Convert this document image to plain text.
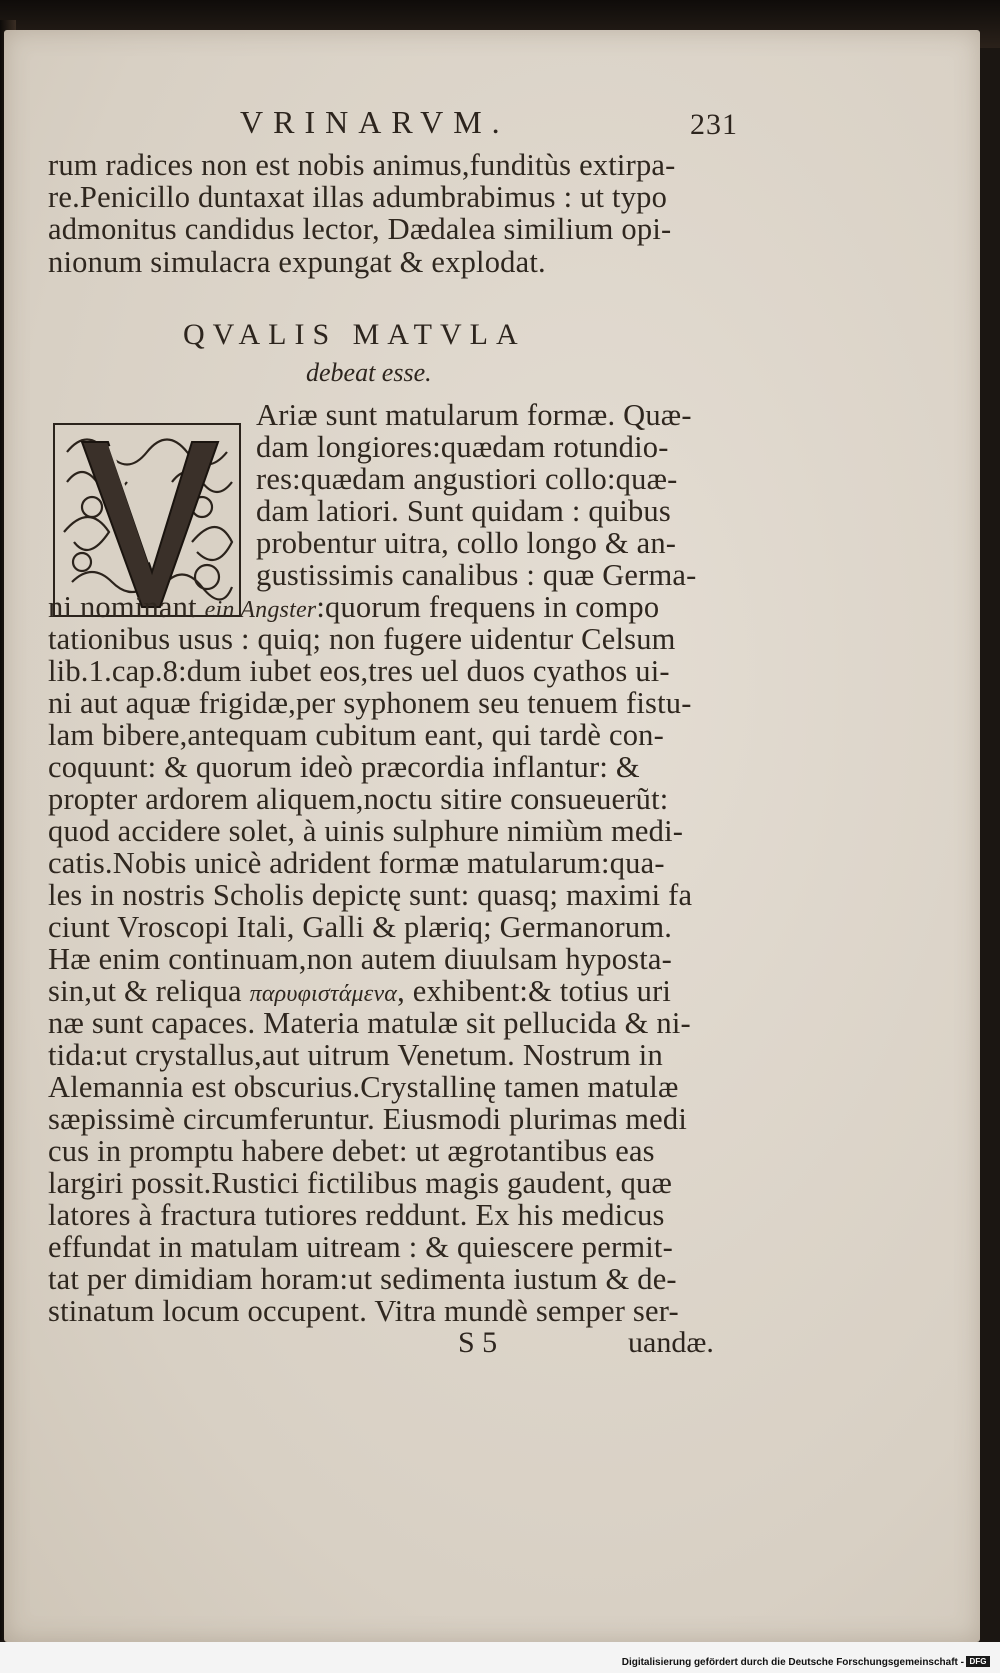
VRINARVM.	231
rum radices non est nobis animus,funditùs extirpa-
re.Penicillo duntaxat illas adumbrabimus : ut typo
admonitus candidus lector, Dædalea similium opi-
nionum simulacra expungat & explodat.
QVALIS MATVLA
debeat esse.
Ariæ sunt matularum formæ. Quæ-
dam longiores:quædam rotundio-
res:quædam angustiori collo:quæ-
dam latiori. Sunt quidam : quibus
probentur uitra, collo longo & an-
gustissimis canalibus : quæ Germa-
ni nominant ein Angster:quorum frequens in compo
tationibus usus : quiq; non fugere uidentur Celsum
lib.1.cap.8:dum iubet eos,tres uel duos cyathos ui-
ni aut aquæ frigidæ,per syphonem seu tenuem fistu-
lam bibere,antequam cubitum eant, qui tardè con-
coquunt: & quorum ideò præcordia inflantur: &
propter ardorem aliquem,noctu sitire consueuerũt:
quod accidere solet, à uinis sulphure nimiùm medi-
catis.Nobis unicè adrident formæ matularum:qua-
les in nostris Scholis depictę sunt: quasq; maximi fa
ciunt Vroscopi Itali, Galli & plæriq; Germanorum.
Hæ enim continuam,non autem diuulsam hyposta-
sin,ut & reliqua παρυφιστάμενα, exhibent:& totius uri
næ sunt capaces. Materia matulæ sit pellucida & ni-
tida:ut crystallus,aut uitrum Venetum. Nostrum in
Alemannia est obscurius.Crystallinę tamen matulæ
sæpissimè circumferuntur. Eiusmodi plurimas medi
cus in promptu habere debet: ut ægrotantibus eas
largiri possit.Rustici fictilibus magis gaudent, quæ
latores à fractura tutiores reddunt. Ex his medicus
effundat in matulam uitream : & quiescere permit-
tat per dimidiam horam:ut sedimenta iustum & de-
stinatum locum occupent. Vitra mundè semper ser-
S 5	uandæ.
Digitalisierung gefördert durch die Deutsche Forschungsgemeinschaft - DFG
